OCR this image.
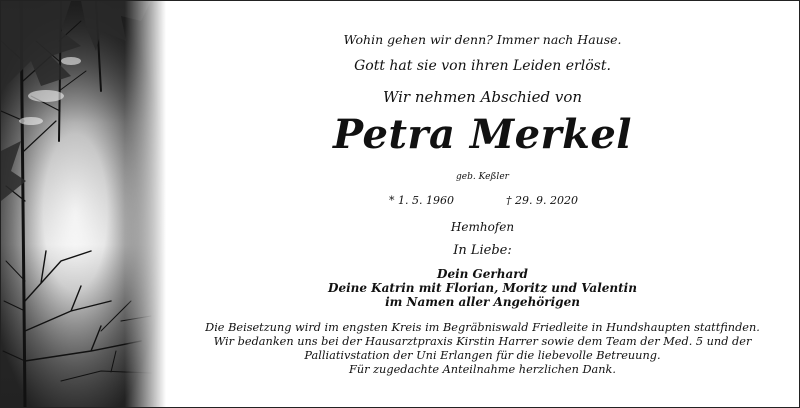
Wohin gehen wir denn? Immer nach Hause.
Gott hat sie von ihren Leiden erlöst.
Wir nehmen Abschied von
Petra Merkel
geb. Keßler
* 1. 5. 1960	† 29. 9. 2020
Hemhofen
In Liebe:
Dein Gerhard
Deine Katrin mit Florian, Moritz und Valentin
im Namen aller Angehörigen
Die Beisetzung wird im engsten Kreis im Begräbniswald Friedleite in Hundshaupten stattfinden.
Wir bedanken uns bei der Hausarztpraxis Kirstin Harrer sowie dem Team der Med. 5 und der
Palliativstation der Uni Erlangen für die liebevolle Betreuung.
Für zugedachte Anteilnahme herzlichen Dank.
